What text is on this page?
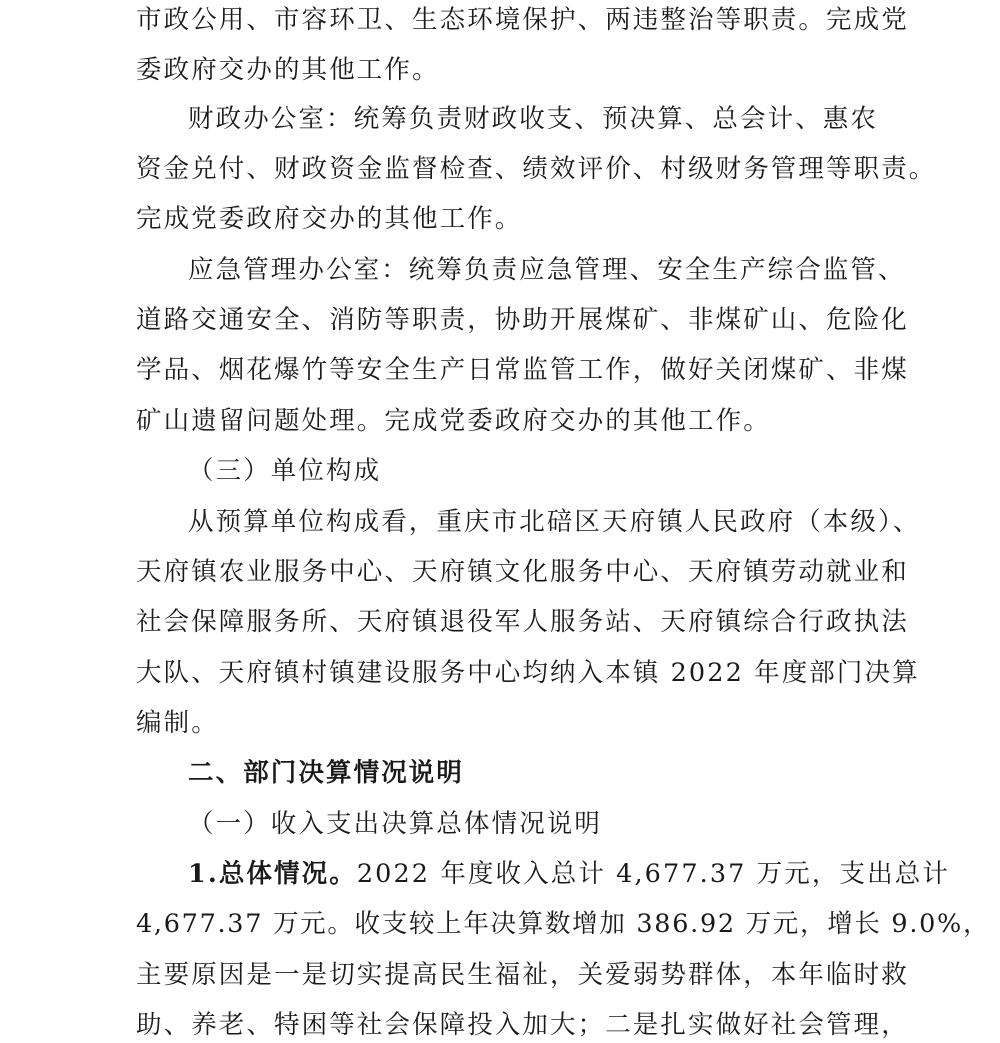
市政公用、市容环卫、生态环境保护、两违整治等职责。完成党
委政府交办的其他工作。
财政办公室：统筹负责财政收支、预决算、总会计、惠农
资金兑付、财政资金监督检查、绩效评价、村级财务管理等职责。
完成党委政府交办的其他工作。
应急管理办公室：统筹负责应急管理、安全生产综合监管、
道路交通安全、消防等职责，协助开展煤矿、非煤矿山、危险化
学品、烟花爆竹等安全生产日常监管工作，做好关闭煤矿、非煤
矿山遗留问题处理。完成党委政府交办的其他工作。
（三）单位构成
从预算单位构成看，重庆市北碚区天府镇人民政府（本级）、
天府镇农业服务中心、天府镇文化服务中心、天府镇劳动就业和
社会保障服务所、天府镇退役军人服务站、天府镇综合行政执法
大队、天府镇村镇建设服务中心均纳入本镇 2022 年度部门决算
编制。
二、部门决算情况说明
（一）收入支出决算总体情况说明
1.总体情况。2022 年度收入总计 4,677.37 万元，支出总计
4,677.37 万元。收支较上年决算数增加 386.92 万元，增长 9.0%，
主要原因是一是切实提高民生福祉，关爱弱势群体，本年临时救
助、养老、特困等社会保障投入加大；二是扎实做好社会管理，
